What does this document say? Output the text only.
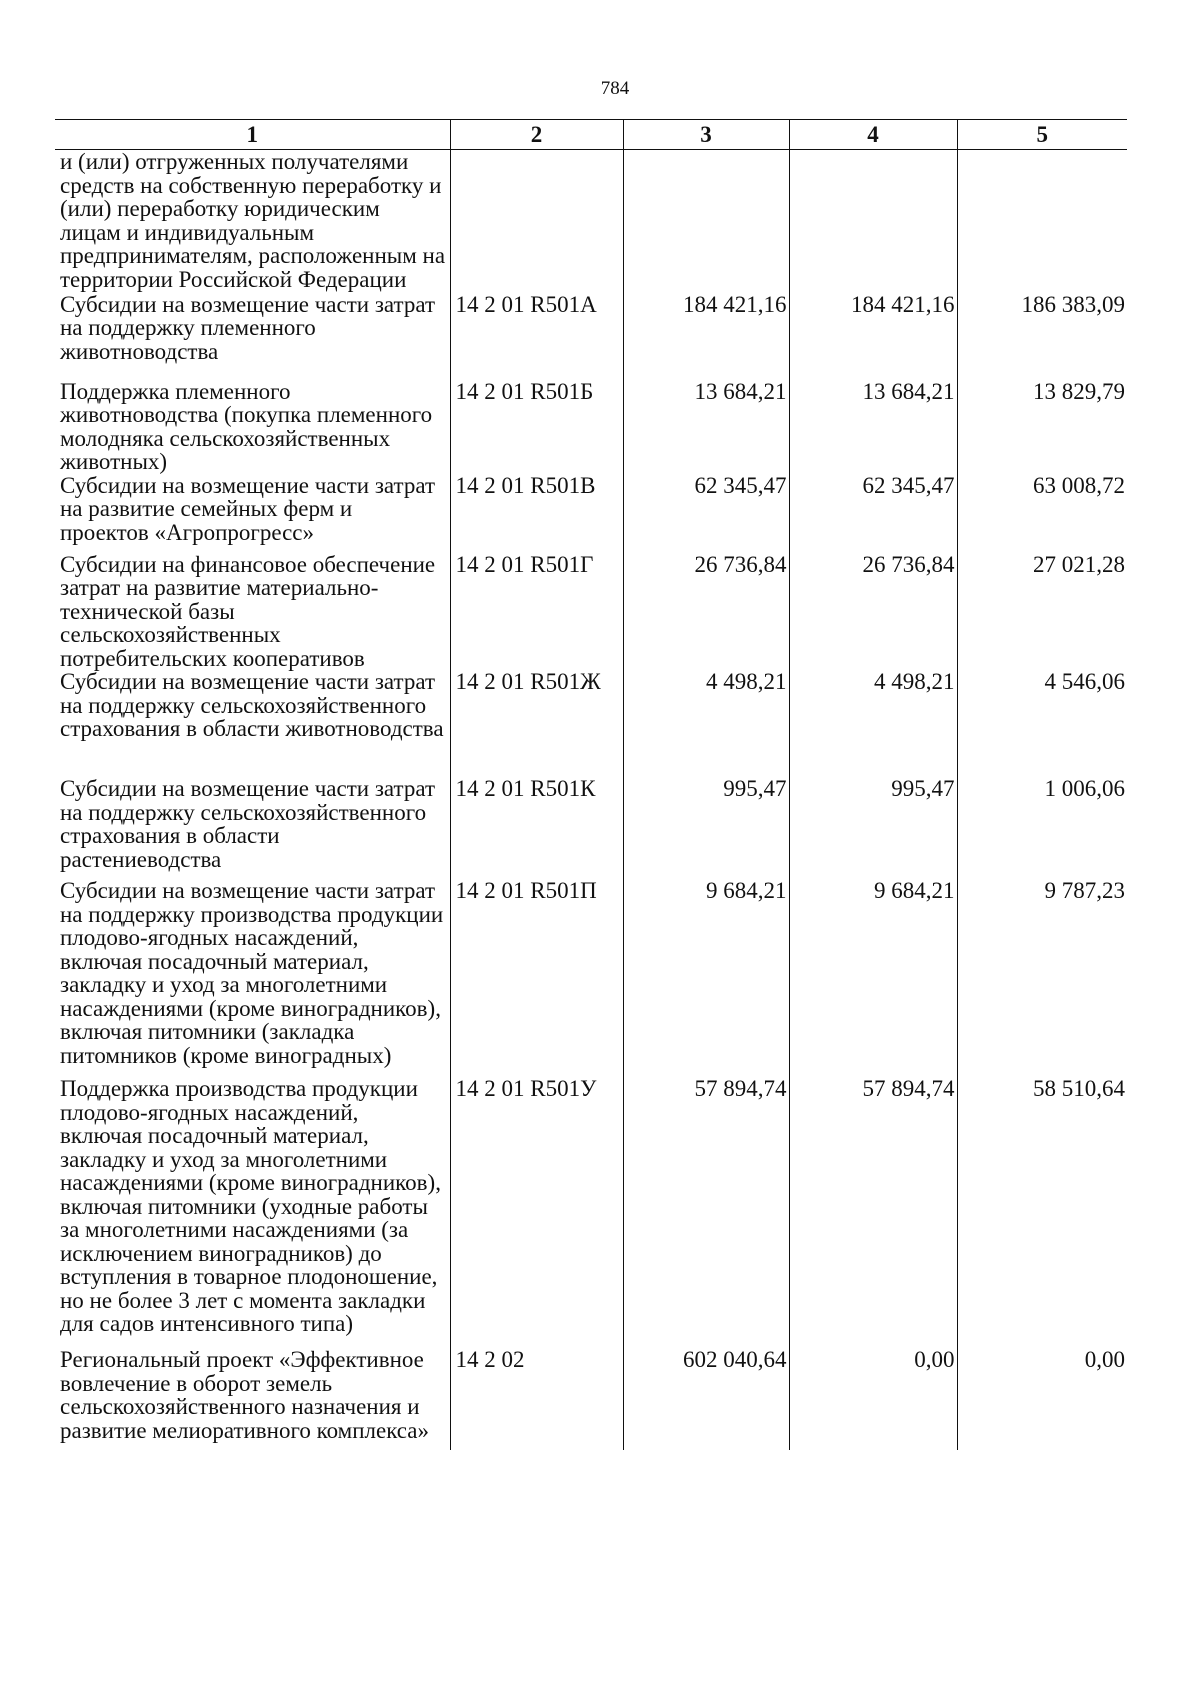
784
1	2	3	4	5
и (или) отгруженных получателями средств на собственную переработку и (или) переработку юридическим лицам и индивидуальным предпринимателям, расположенным на территории Российской Федерации				
Субсидии на возмещение части затрат на поддержку племенного животноводства	14 2 01 R501А	184 421,16	184 421,16	186 383,09
Поддержка племенного животноводства (покупка племенного молодняка сельскохозяйственных животных)	14 2 01 R501Б	13 684,21	13 684,21	13 829,79
Субсидии на возмещение части затрат на развитие семейных ферм и проектов «Агропрогресс»	14 2 01 R501В	62 345,47	62 345,47	63 008,72
Субсидии на финансовое обеспечение затрат на развитие материально-технической базы сельскохозяйственных потребительских кооперативов	14 2 01 R501Г	26 736,84	26 736,84	27 021,28
Субсидии на возмещение части затрат на поддержку сельскохозяйственного страхования в области животноводства	14 2 01 R501Ж	4 498,21	4 498,21	4 546,06
Субсидии на возмещение части затрат на поддержку сельскохозяйственного страхования в области растениеводства	14 2 01 R501К	995,47	995,47	1 006,06
Субсидии на возмещение части затрат на поддержку производства продукции плодово-ягодных насаждений, включая посадочный материал, закладку и уход за многолетними насаждениями (кроме виноградников), включая питомники (закладка питомников (кроме виноградных)	14 2 01 R501П	9 684,21	9 684,21	9 787,23
Поддержка производства продукции плодово-ягодных насаждений, включая посадочный материал, закладку и уход за многолетними насаждениями (кроме виноградников), включая питомники (уходные работы за многолетними насаждениями (за исключением виноградников) до вступления в товарное плодоношение, но не более 3 лет с момента закладки для садов интенсивного типа)	14 2 01 R501У	57 894,74	57 894,74	58 510,64
Региональный проект «Эффективное вовлечение в оборот земель сельскохозяйственного назначения и развитие мелиоративного комплекса»	14 2 02	602 040,64	0,00	0,00
